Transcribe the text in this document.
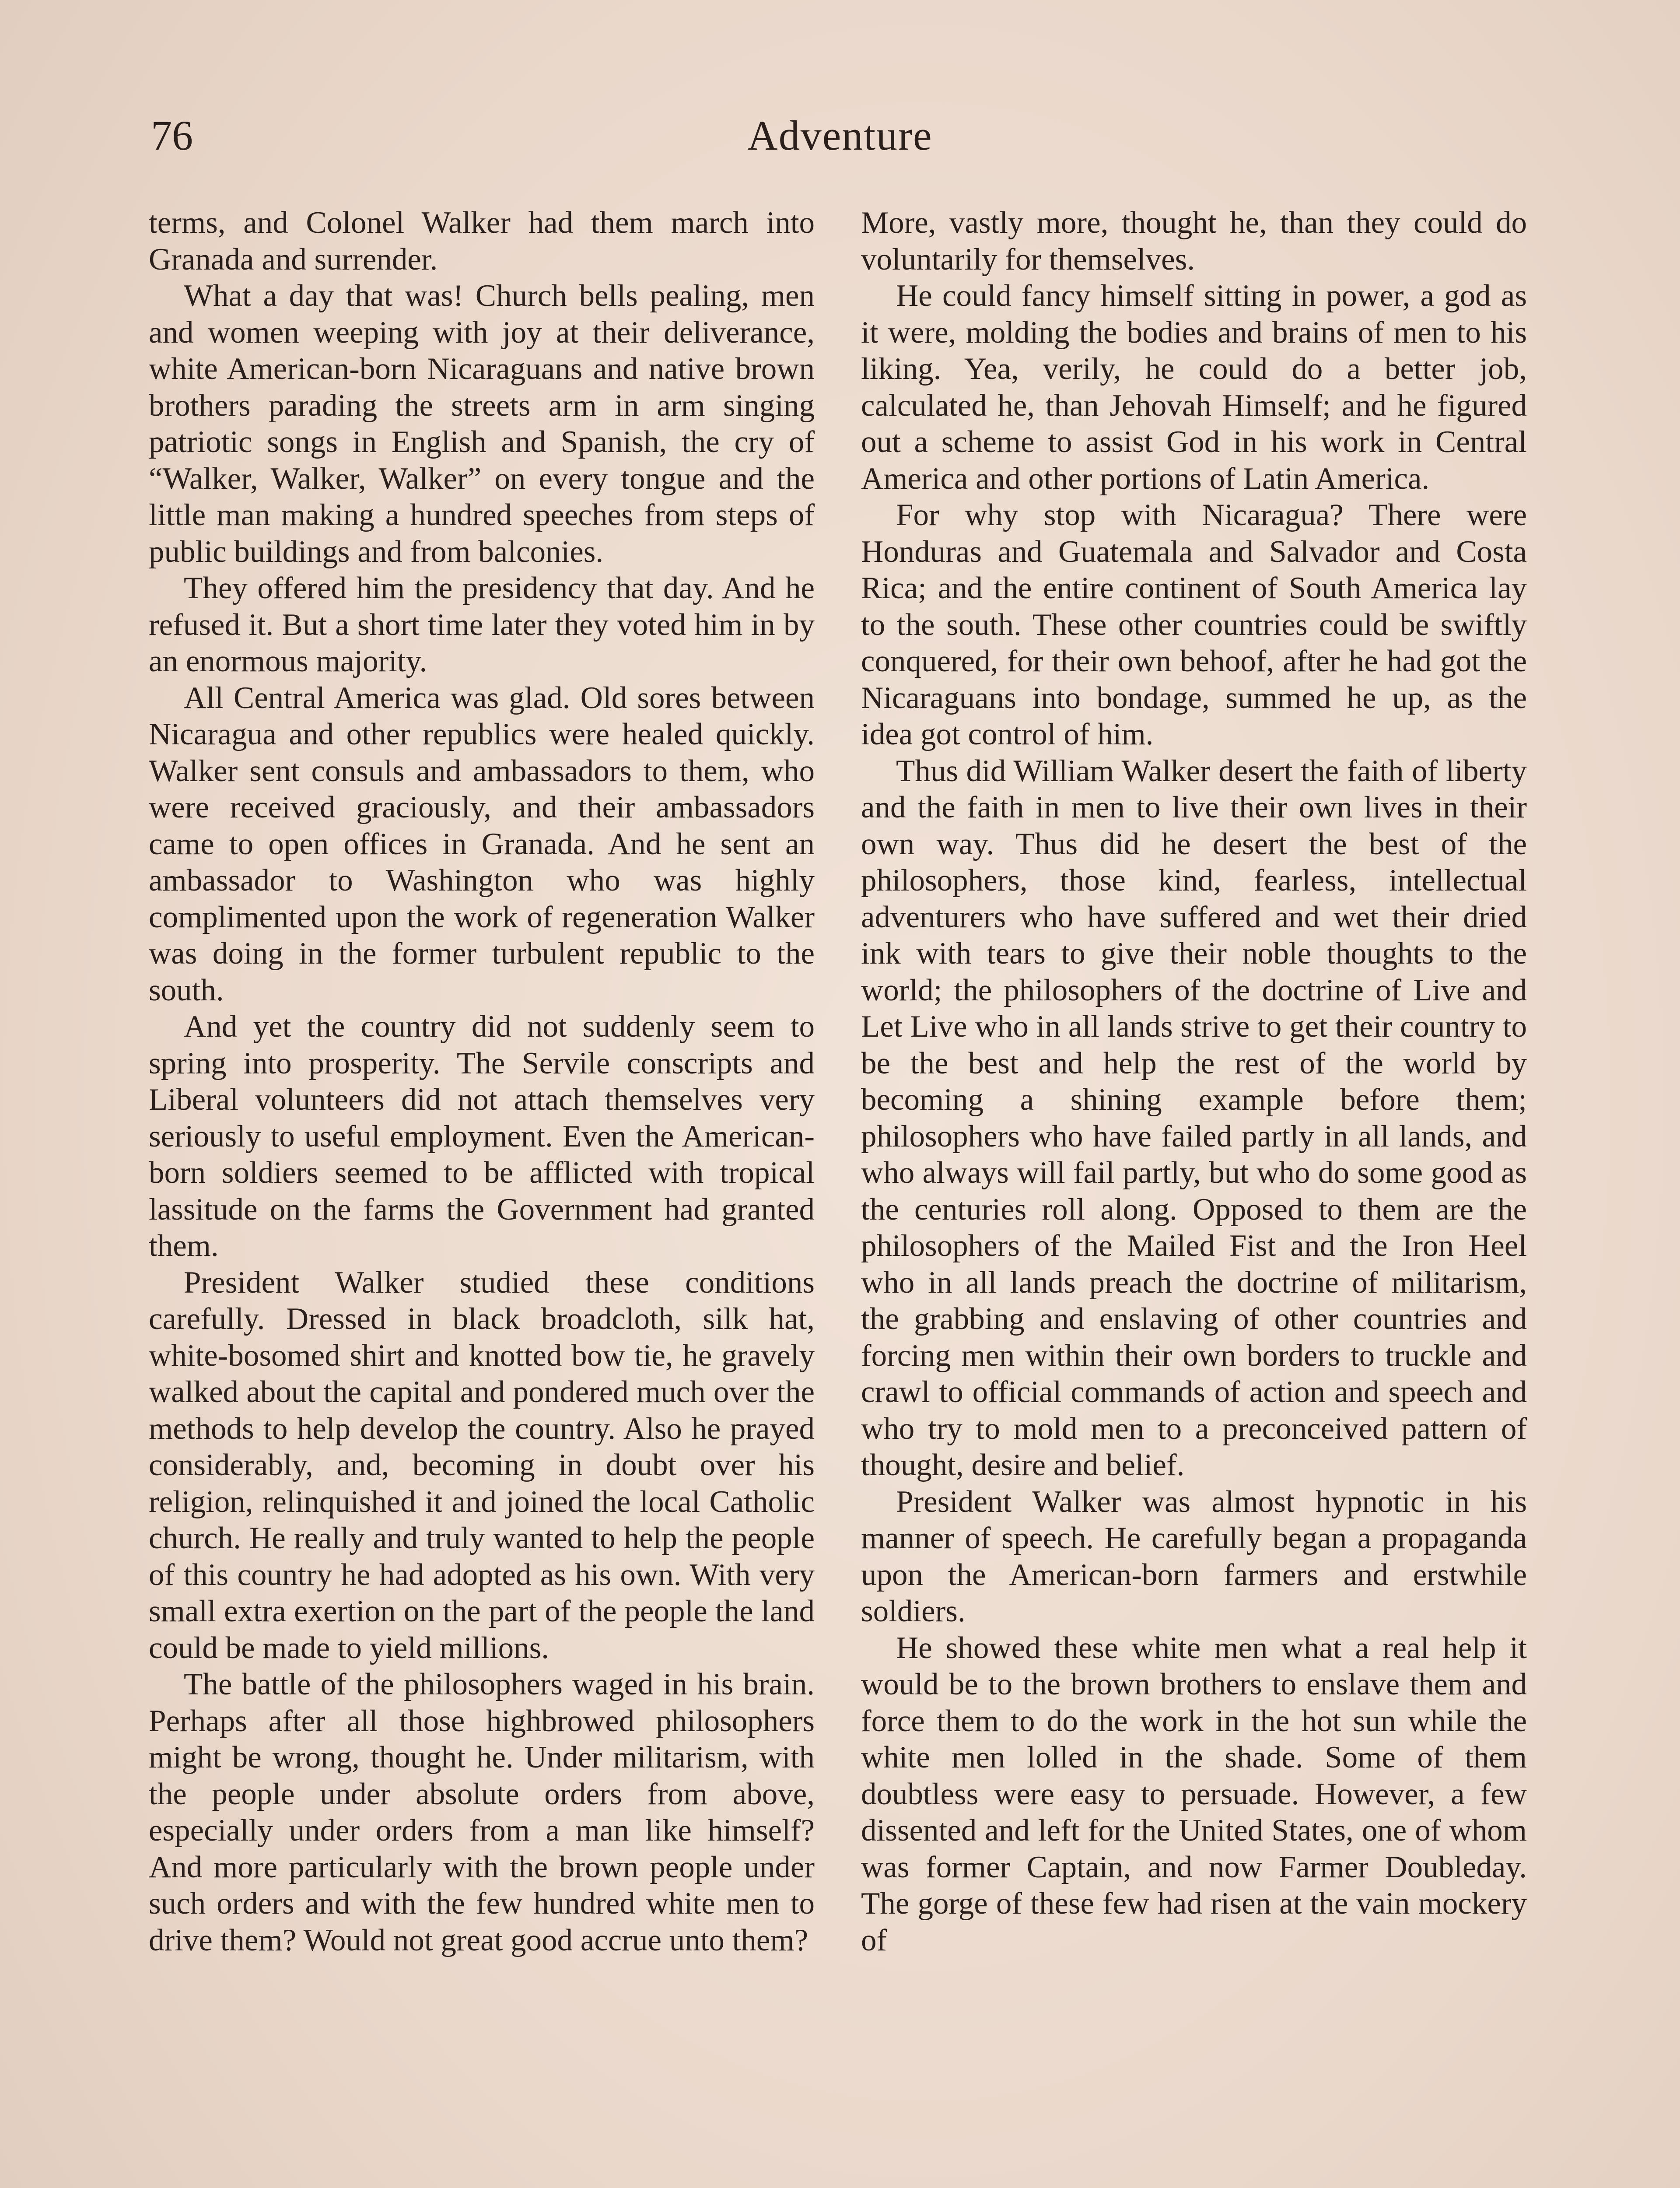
76	Adventure

terms, and Colonel Walker had them march into Granada and surrender.

What a day that was! Church bells pealing, men and women weeping with joy at their deliverance, white American-born Nicaraguans and native brown brothers parading the streets arm in arm singing patriotic songs in English and Spanish, the cry of “Walker, Walker, Walker” on every tongue and the little man making a hundred speeches from steps of public buildings and from balconies.

They offered him the presidency that day. And he refused it. But a short time later they voted him in by an enormous majority.

All Central America was glad. Old sores between Nicaragua and other republics were healed quickly. Walker sent consuls and ambassadors to them, who were received graciously, and their ambassadors came to open offices in Granada. And he sent an ambassador to Washington who was highly complimented upon the work of regeneration Walker was doing in the former turbulent republic to the south.

And yet the country did not suddenly seem to spring into prosperity. The Servile conscripts and Liberal volunteers did not attach themselves very seriously to useful employment. Even the American-born soldiers seemed to be afflicted with tropical lassitude on the farms the Government had granted them.

President Walker studied these conditions carefully. Dressed in black broadcloth, silk hat, white-bosomed shirt and knotted bow tie, he gravely walked about the capital and pondered much over the methods to help develop the country. Also he prayed considerably, and, becoming in doubt over his religion, relinquished it and joined the local Catholic church. He really and truly wanted to help the people of this country he had adopted as his own. With very small extra exertion on the part of the people the land could be made to yield millions.

The battle of the philosophers waged in his brain. Perhaps after all those highbrowed philosophers might be wrong, thought he. Under militarism, with the people under absolute orders from above, especially under orders from a man like himself? And more particularly with the brown people under such orders and with the few hundred white men to drive them? Would not great good accrue unto them?

More, vastly more, thought he, than they could do voluntarily for themselves.

He could fancy himself sitting in power, a god as it were, molding the bodies and brains of men to his liking. Yea, verily, he could do a better job, calculated he, than Jehovah Himself; and he figured out a scheme to assist God in his work in Central America and other portions of Latin America.

For why stop with Nicaragua? There were Honduras and Guatemala and Salvador and Costa Rica; and the entire continent of South America lay to the south. These other countries could be swiftly conquered, for their own behoof, after he had got the Nicaraguans into bondage, summed he up, as the idea got control of him.

Thus did William Walker desert the faith of liberty and the faith in men to live their own lives in their own way. Thus did he desert the best of the philosophers, those kind, fearless, intellectual adventurers who have suffered and wet their dried ink with tears to give their noble thoughts to the world; the philosophers of the doctrine of Live and Let Live who in all lands strive to get their country to be the best and help the rest of the world by becoming a shining example before them; philosophers who have failed partly in all lands, and who always will fail partly, but who do some good as the centuries roll along. Opposed to them are the philosophers of the Mailed Fist and the Iron Heel who in all lands preach the doctrine of militarism, the grabbing and enslaving of other countries and forcing men within their own borders to truckle and crawl to official commands of action and speech and who try to mold men to a preconceived pattern of thought, desire and belief.

President Walker was almost hypnotic in his manner of speech. He carefully began a propaganda upon the American-born farmers and erstwhile soldiers.

He showed these white men what a real help it would be to the brown brothers to enslave them and force them to do the work in the hot sun while the white men lolled in the shade. Some of them doubtless were easy to persuade. However, a few dissented and left for the United States, one of whom was former Captain, and now Farmer Doubleday. The gorge of these few had risen at the vain mockery of
